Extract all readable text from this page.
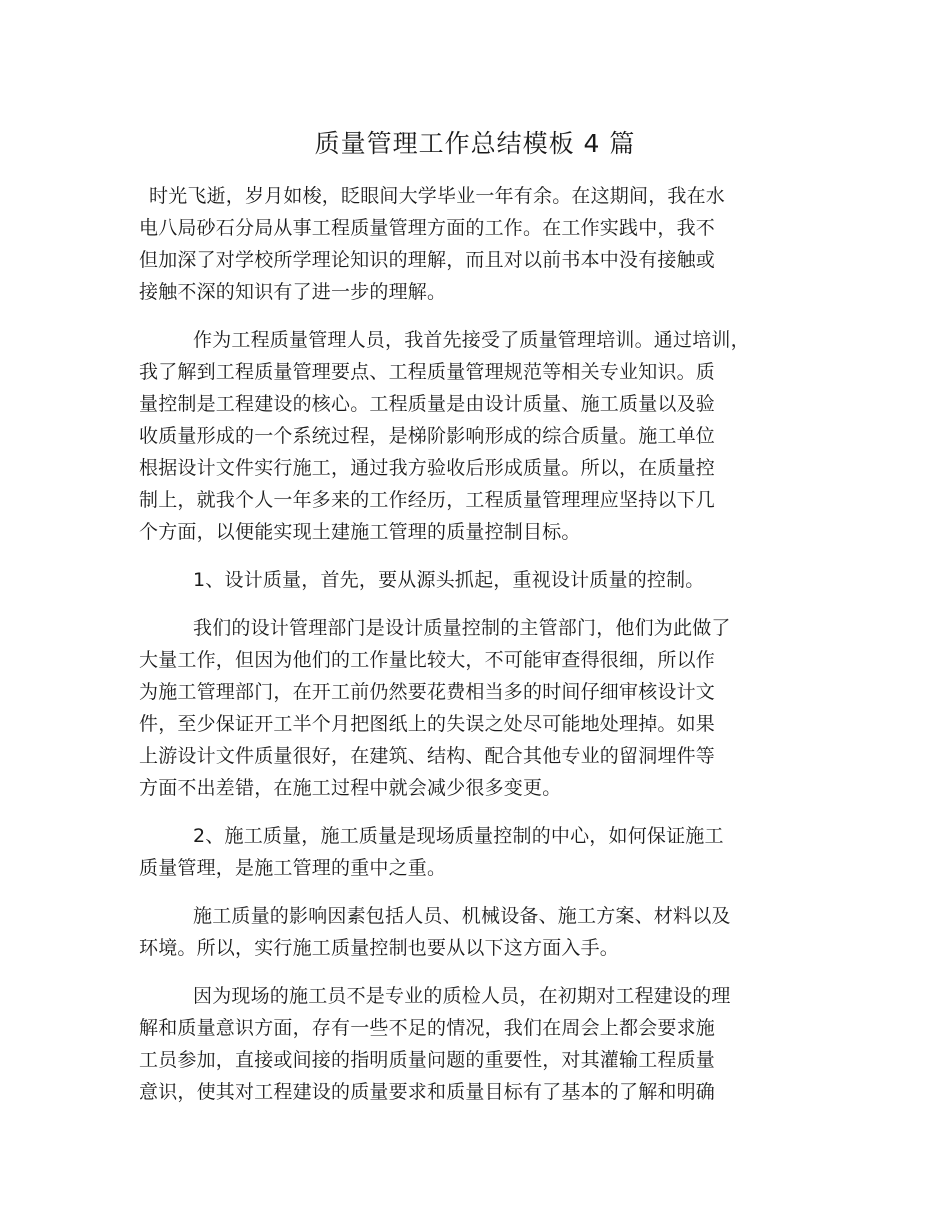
质量管理工作总结模板 4 篇

时光飞逝，岁月如梭，眨眼间大学毕业一年有余。在这期间，我在水
电八局砂石分局从事工程质量管理方面的工作。在工作实践中，我不
但加深了对学校所学理论知识的理解，而且对以前书本中没有接触或
接触不深的知识有了进一步的理解。

作为工程质量管理人员，我首先接受了质量管理培训。通过培训，
我了解到工程质量管理要点、工程质量管理规范等相关专业知识。质
量控制是工程建设的核心。工程质量是由设计质量、施工质量以及验
收质量形成的一个系统过程，是梯阶影响形成的综合质量。施工单位
根据设计文件实行施工，通过我方验收后形成质量。所以，在质量控
制上，就我个人一年多来的工作经历，工程质量管理理应坚持以下几
个方面，以便能实现土建施工管理的质量控制目标。

1、设计质量，首先，要从源头抓起，重视设计质量的控制。

我们的设计管理部门是设计质量控制的主管部门，他们为此做了
大量工作，但因为他们的工作量比较大，不可能审查得很细，所以作
为施工管理部门，在开工前仍然要花费相当多的时间仔细审核设计文
件，至少保证开工半个月把图纸上的失误之处尽可能地处理掉。如果
上游设计文件质量很好，在建筑、结构、配合其他专业的留洞埋件等
方面不出差错，在施工过程中就会减少很多变更。

2、施工质量，施工质量是现场质量控制的中心，如何保证施工
质量管理，是施工管理的重中之重。

施工质量的影响因素包括人员、机械设备、施工方案、材料以及
环境。所以，实行施工质量控制也要从以下这方面入手。

因为现场的施工员不是专业的质检人员，在初期对工程建设的理
解和质量意识方面，存有一些不足的情况，我们在周会上都会要求施
工员参加，直接或间接的指明质量问题的重要性，对其灌输工程质量
意识，使其对工程建设的质量要求和质量目标有了基本的了解和明确
